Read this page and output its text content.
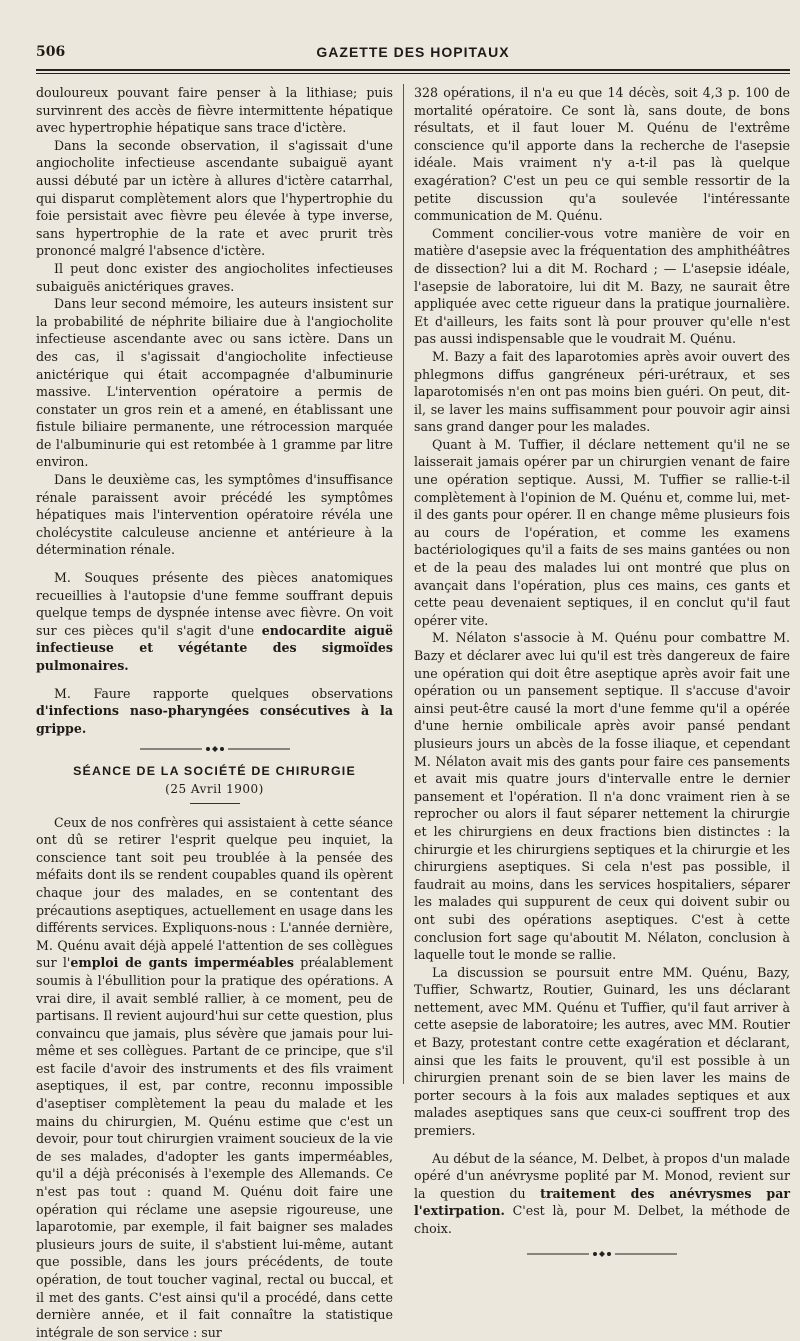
506	GAZETTE DES HOPITAUX

douloureux pouvant faire penser à la lithiase; puis survinrent des accès de fièvre intermittente hépatique avec hypertrophie hépatique sans trace d'ictère.

Dans la seconde observation, il s'agissait d'une angiocholite infectieuse ascendante subaiguë ayant aussi débuté par un ictère à allures d'ictère catarrhal, qui disparut complètement alors que l'hypertrophie du foie persistait avec fièvre peu élevée à type inverse, sans hypertrophie de la rate et avec prurit très prononcé malgré l'absence d'ictère.

Il peut donc exister des angiocholites infectieuses subaiguës anictériques graves.

Dans leur second mémoire, les auteurs insistent sur la probabilité de néphrite biliaire due à l'angiocholite infectieuse ascendante avec ou sans ictère. Dans un des cas, il s'agissait d'angiocholite infectieuse anictérique qui était accompagnée d'albuminurie massive. L'intervention opératoire a permis de constater un gros rein et a amené, en établissant une fistule biliaire permanente, une rétrocession marquée de l'albuminurie qui est retombée à 1 gramme par litre environ.

Dans le deuxième cas, les symptômes d'insuffisance rénale paraissent avoir précédé les symptômes hépatiques mais l'intervention opératoire révéla une cholécystite calculeuse ancienne et antérieure à la détermination rénale.

M. Souques présente des pièces anatomiques recueillies à l'autopsie d'une femme souffrant depuis quelque temps de dyspnée intense avec fièvre. On voit sur ces pièces qu'il s'agit d'une endocardite aiguë infectieuse et végétante des sigmoïdes pulmonaires.

M. Faure rapporte quelques observations d'infections naso-pharyngées consécutives à la grippe.

SÉANCE DE LA SOCIÉTÉ DE CHIRURGIE
(25 Avril 1900)

Ceux de nos confrères qui assistaient à cette séance ont dû se retirer l'esprit quelque peu inquiet, la conscience tant soit peu troublée à la pensée des méfaits dont ils se rendent coupables quand ils opèrent chaque jour des malades, en se contentant des précautions aseptiques, actuellement en usage dans les différents services. Expliquons-nous : L'année dernière, M. Quénu avait déjà appelé l'attention de ses collègues sur l'emploi de gants imperméables préalablement soumis à l'ébullition pour la pratique des opérations. A vrai dire, il avait semblé rallier, à ce moment, peu de partisans. Il revient aujourd'hui sur cette question, plus convaincu que jamais, plus sévère que jamais pour lui-même et ses collègues. Partant de ce principe, que s'il est facile d'avoir des instruments et des fils vraiment aseptiques, il est, par contre, reconnu impossible d'aseptiser complètement la peau du malade et les mains du chirurgien, M. Quénu estime que c'est un devoir, pour tout chirurgien vraiment soucieux de la vie de ses malades, d'adopter les gants imperméables, qu'il a déjà préconisés à l'exemple des Allemands. Ce n'est pas tout : quand M. Quénu doit faire une opération qui réclame une asepsie rigoureuse, une laparotomie, par exemple, il fait baigner ses malades plusieurs jours de suite, il s'abstient lui-même, autant que possible, dans les jours précédents, de toute opération, de tout toucher vaginal, rectal ou buccal, et il met des gants. C'est ainsi qu'il a procédé, dans cette dernière année, et il fait connaître la statistique intégrale de son service : sur

328 opérations, il n'a eu que 14 décès, soit 4,3 p. 100 de mortalité opératoire. Ce sont là, sans doute, de bons résultats, et il faut louer M. Quénu de l'extrême conscience qu'il apporte dans la recherche de l'asepsie idéale. Mais vraiment n'y a-t-il pas là quelque exagération? C'est un peu ce qui semble ressortir de la petite discussion qu'a soulevée l'intéressante communication de M. Quénu.

Comment concilier-vous votre manière de voir en matière d'asepsie avec la fréquentation des amphithéâtres de dissection? lui a dit M. Rochard ; — L'asepsie idéale, l'asepsie de laboratoire, lui dit M. Bazy, ne saurait être appliquée avec cette rigueur dans la pratique journalière. Et d'ailleurs, les faits sont là pour prouver qu'elle n'est pas aussi indispensable que le voudrait M. Quénu.

M. Bazy a fait des laparotomies après avoir ouvert des phlegmons diffus gangréneux péri-urétraux, et ses laparotomisés n'en ont pas moins bien guéri. On peut, dit-il, se laver les mains suffisamment pour pouvoir agir ainsi sans grand danger pour les malades.

Quant à M. Tuffier, il déclare nettement qu'il ne se laisserait jamais opérer par un chirurgien venant de faire une opération septique. Aussi, M. Tuffier se rallie-t-il complètement à l'opinion de M. Quénu et, comme lui, met-il des gants pour opérer. Il en change même plusieurs fois au cours de l'opération, et comme les examens bactériologiques qu'il a faits de ses mains gantées ou non et de la peau des malades lui ont montré que plus on avançait dans l'opération, plus ces mains, ces gants et cette peau devenaient septiques, il en conclut qu'il faut opérer vite.

M. Nélaton s'associe à M. Quénu pour combattre M. Bazy et déclarer avec lui qu'il est très dangereux de faire une opération qui doit être aseptique après avoir fait une opération ou un pansement septique. Il s'accuse d'avoir ainsi peut-être causé la mort d'une femme qu'il a opérée d'une hernie ombilicale après avoir pansé pendant plusieurs jours un abcès de la fosse iliaque, et cependant M. Nélaton avait mis des gants pour faire ces pansements et avait mis quatre jours d'intervalle entre le dernier pansement et l'opération. Il n'a donc vraiment rien à se reprocher ou alors il faut séparer nettement la chirurgie et les chirurgiens en deux fractions bien distinctes : la chirurgie et les chirurgiens septiques et la chirurgie et les chirurgiens aseptiques. Si cela n'est pas possible, il faudrait au moins, dans les services hospitaliers, séparer les malades qui suppurent de ceux qui doivent subir ou ont subi des opérations aseptiques. C'est à cette conclusion fort sage qu'aboutit M. Nélaton, conclusion à laquelle tout le monde se rallie.

La discussion se poursuit entre MM. Quénu, Bazy, Tuffier, Schwartz, Routier, Guinard, les uns déclarant nettement, avec MM. Quénu et Tuffier, qu'il faut arriver à cette asepsie de laboratoire; les autres, avec MM. Routier et Bazy, protestant contre cette exagération et déclarant, ainsi que les faits le prouvent, qu'il est possible à un chirurgien prenant soin de se bien laver les mains de porter secours à la fois aux malades septiques et aux malades aseptiques sans que ceux-ci souffrent trop des premiers.

Au début de la séance, M. Delbet, à propos d'un malade opéré d'un anévrysme poplité par M. Monod, revient sur la question du traitement des anévrysmes par l'extirpation. C'est là, pour M. Delbet, la méthode de choix.
